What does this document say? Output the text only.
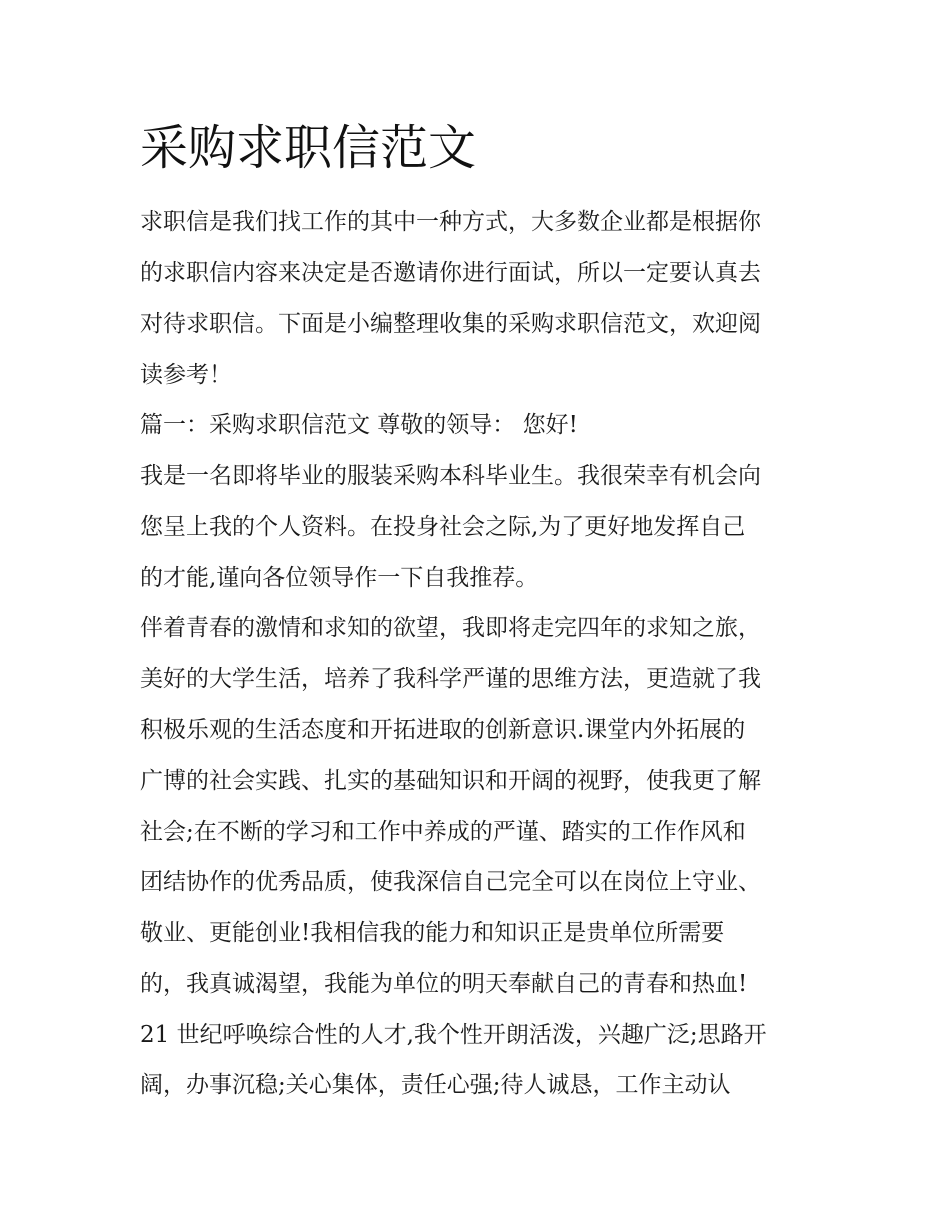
采购求职信范文

求职信是我们找工作的其中一种方式，大多数企业都是根据你

的求职信内容来决定是否邀请你进行面试，所以一定要认真去

对待求职信。下面是小编整理收集的采购求职信范文，欢迎阅

读参考！

篇一：采购求职信范文 尊敬的领导： 您好!

我是一名即将毕业的服装采购本科毕业生。我很荣幸有机会向

您呈上我的个人资料。在投身社会之际,为了更好地发挥自己

的才能,谨向各位领导作一下自我推荐。

伴着青春的激情和求知的欲望，我即将走完四年的求知之旅，

美好的大学生活，培养了我科学严谨的思维方法，更造就了我

积极乐观的生活态度和开拓进取的创新意识.课堂内外拓展的

广博的社会实践、扎实的基础知识和开阔的视野，使我更了解

社会;在不断的学习和工作中养成的严谨、踏实的工作作风和

团结协作的优秀品质，使我深信自己完全可以在岗位上守业、

敬业、更能创业!我相信我的能力和知识正是贵单位所需要

的，我真诚渴望，我能为单位的明天奉献自己的青春和热血!

21 世纪呼唤综合性的人才,我个性开朗活泼，兴趣广泛;思路开

阔，办事沉稳;关心集体，责任心强;待人诚恳，工作主动认
